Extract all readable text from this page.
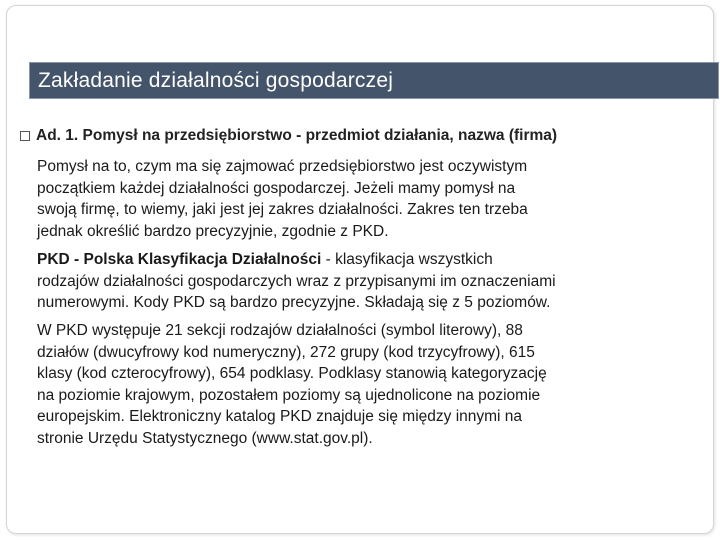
Zakładanie działalności gospodarczej
Ad. 1. Pomysł na przedsiębiorstwo - przedmiot działania, nazwa (firma)
Pomysł na to, czym ma się zajmować przedsiębiorstwo jest oczywistym
początkiem każdej działalności gospodarczej. Jeżeli mamy pomysł na
swoją firmę, to wiemy, jaki jest jej zakres działalności. Zakres ten trzeba
jednak określić bardzo precyzyjnie, zgodnie z PKD.
PKD - Polska Klasyfikacja Działalności - klasyfikacja wszystkich
rodzajów działalności gospodarczych wraz z przypisanymi im oznaczeniami
numerowymi. Kody PKD są bardzo precyzyjne. Składają się z 5 poziomów.
W PKD występuje 21 sekcji rodzajów działalności (symbol literowy), 88
działów (dwucyfrowy kod numeryczny), 272 grupy (kod trzycyfrowy), 615
klasy (kod czterocyfrowy), 654 podklasy. Podklasy stanowią kategoryzację
na poziomie krajowym, pozostałem poziomy są ujednolicone na poziomie
europejskim. Elektroniczny katalog PKD znajduje się między innymi na
stronie Urzędu Statystycznego (www.stat.gov.pl).
